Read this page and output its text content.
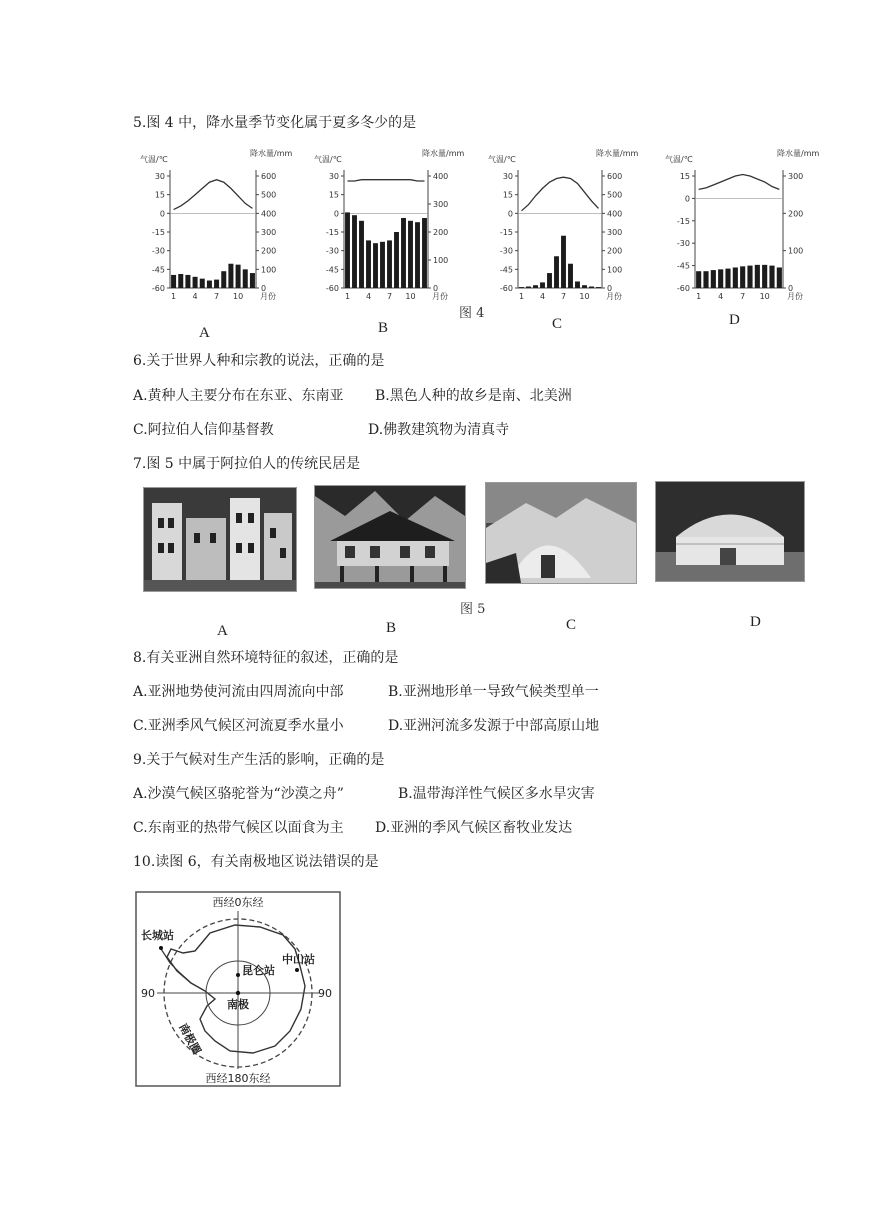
5.图 4 中，降水量季节变化属于夏多冬少的是
气温/℃
降水量/mm
30
15
0
-15
-30
-45
-60
600
500
400
300
200
100
0
1 4 7 10 月份
气温/℃
降水量/mm
30
15
0
-15
-30
-45
-60
400
300
200
100
0
1 4 7 10 月份
气温/℃
降水量/mm
30
15
0
-15
-30
-45
-60
600
500
400
300
200
100
0
1 4 7 10 月份
气温/℃
降水量/mm
15
0
-15
-30
-45
-60
300
200
100
0
1 4 7 10 月份
图 4
A	B	C	D
6.关于世界人种和宗教的说法，正确的是
A.黄种人主要分布在东亚、东南亚 B.黑色人种的故乡是南、北美洲
C.阿拉伯人信仰基督教	D.佛教建筑物为清真寺
7.图 5 中属于阿拉伯人的传统民居是
图 5
A	B	C	D
8.有关亚洲自然环境特征的叙述，正确的是
A.亚洲地势使河流由四周流向中部	B.亚洲地形单一导致气候类型单一
C.亚洲季风气候区河流夏季水量小	D.亚洲河流多发源于中部高原山地
9.关于气候对生产生活的影响，正确的是
A.沙漠气候区骆驼誉为“沙漠之舟”	B.温带海洋性气候区多水旱灾害
C.东南亚的热带气候区以面食为主 D.亚洲的季风气候区畜牧业发达
10.读图 6，有关南极地区说法错误的是
西经0东经
西经180东经
90	90
长城站
中山站
昆仑站
南极
南极圈
